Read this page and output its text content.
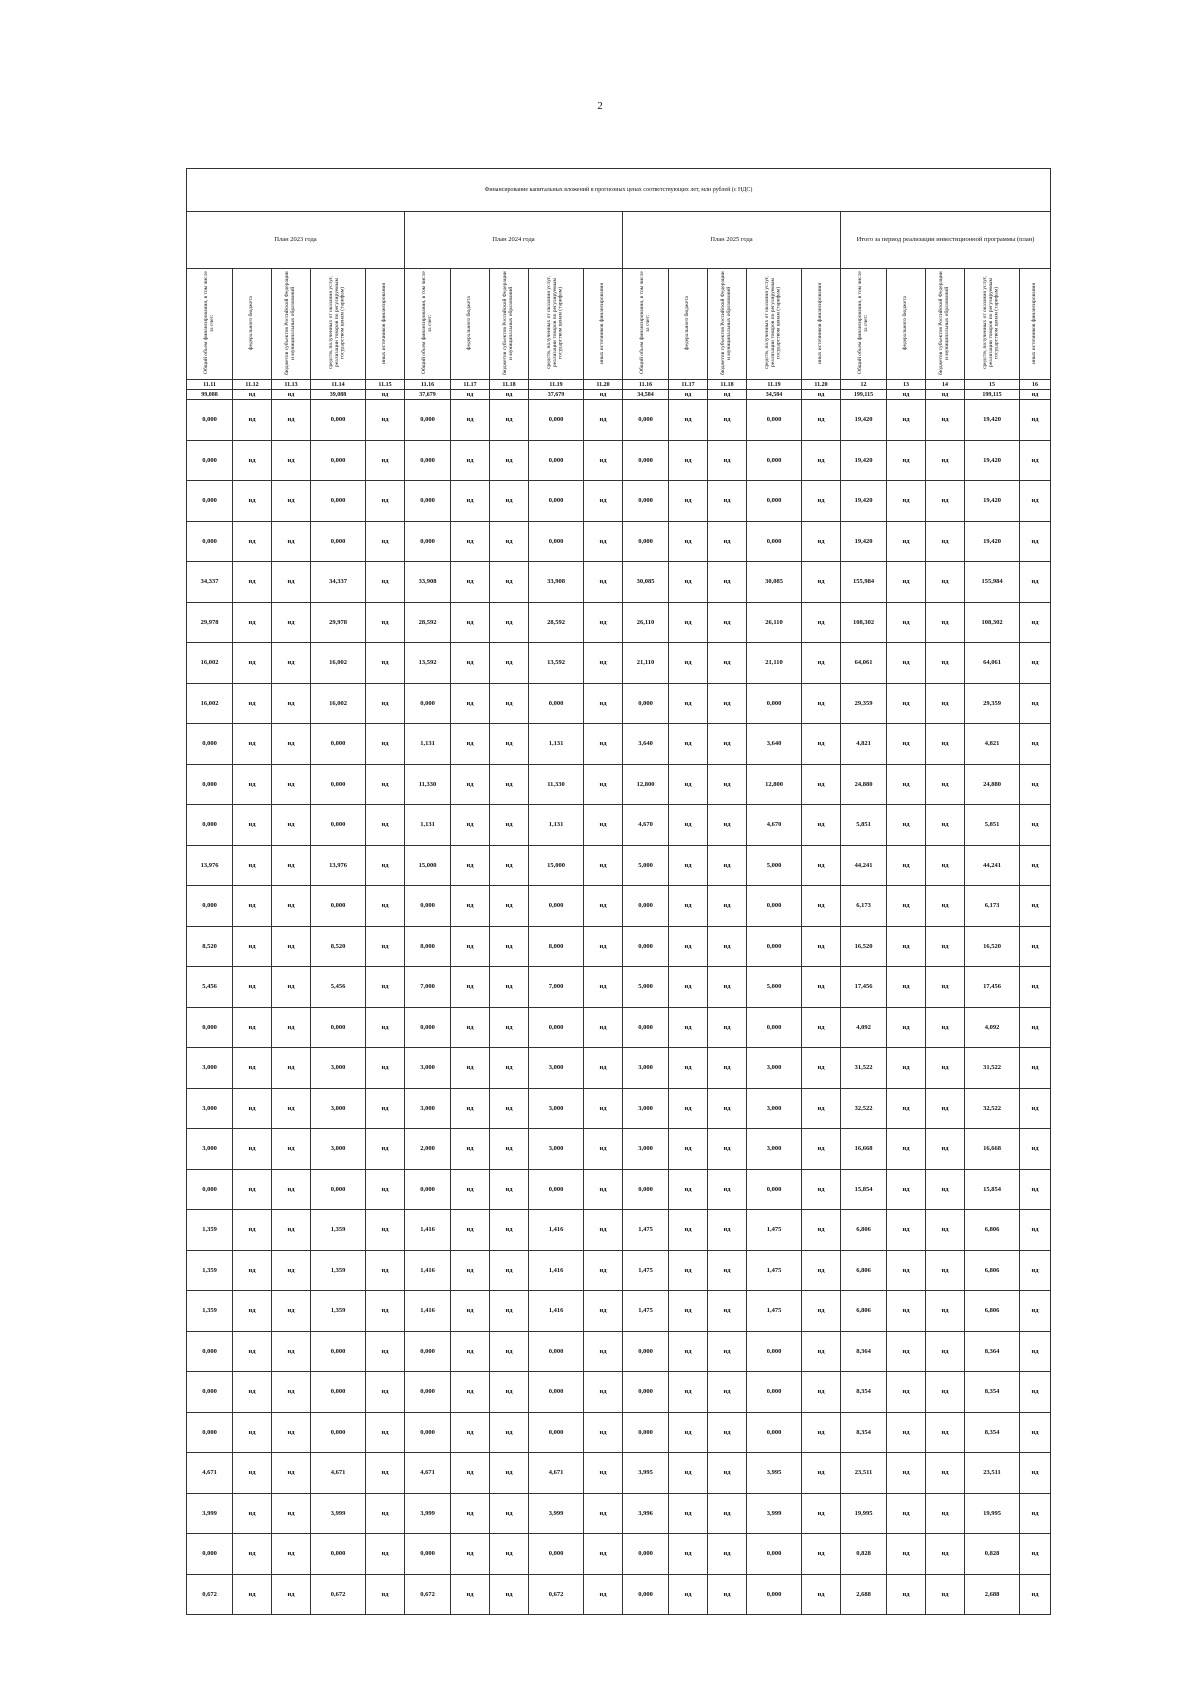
2
Финансирование капитальных вложений в прогнозных ценах соответствующих лет, млн рублей (с НДС)																			
План 2023 года					План 2024 года					План 2025 года					Итого за период реализации инвестиционной программы (план)				
Общий объем финансирования, в том числе за счет:	федерального бюджета	бюджетов субъектов Российской Федерации и муниципальных образований	средств, полученных от оказания услуг, реализации товаров по регулируемым государством ценам (тарифам)	иных источников финансирования	Общий объем финансирования, в том числе за счет:	федерального бюджета	бюджетов субъектов Российской Федерации и муниципальных образований	средств, полученных от оказания услуг, реализации товаров по регулируемым государством ценам (тарифам)	иных источников финансирования	Общий объем финансирования, в том числе за счет:	федерального бюджета	бюджетов субъектов Российской Федерации и муниципальных образований	средств, полученных от оказания услуг, реализации товаров по регулируемым государством ценам (тарифам)	иных источников финансирования	Общий объем финансирования, в том числе за счет:	федерального бюджета	бюджетов субъектов Российской Федерации и муниципальных образований	средств, полученных от оказания услуг, реализации товаров по регулируемым государством ценам (тарифам)	иных источников финансирования
11.11	11.12	11.13	11.14	11.15	11.16	11.17	11.18	11.19	11.20	11.16	11.17	11.18	11.19	11.20	12	13	14	15	16
99,088	нд	нд	39,088	нд	37,679	нд	нд	37,679	нд	34,584	нд	нд	34,584	нд	199,115	нд	нд	199,115	нд
0,000	нд	нд	0,000	нд	0,000	нд	нд	0,000	нд	0,000	нд	нд	0,000	нд	19,420	нд	нд	19,420	нд
0,000	нд	нд	0,000	нд	0,000	нд	нд	0,000	нд	0,000	нд	нд	0,000	нд	19,420	нд	нд	19,420	нд
0,000	нд	нд	0,000	нд	0,000	нд	нд	0,000	нд	0,000	нд	нд	0,000	нд	19,420	нд	нд	19,420	нд
0,000	нд	нд	0,000	нд	0,000	нд	нд	0,000	нд	0,000	нд	нд	0,000	нд	19,420	нд	нд	19,420	нд
34,337	нд	нд	34,337	нд	33,908	нд	нд	33,908	нд	30,085	нд	нд	30,085	нд	155,984	нд	нд	155,984	нд
29,978	нд	нд	29,978	нд	28,592	нд	нд	28,592	нд	26,110	нд	нд	26,110	нд	108,302	нд	нд	108,302	нд
16,002	нд	нд	16,002	нд	13,592	нд	нд	13,592	нд	21,110	нд	нд	21,110	нд	64,061	нд	нд	64,061	нд
16,002	нд	нд	16,002	нд	0,000	нд	нд	0,000	нд	0,000	нд	нд	0,000	нд	29,359	нд	нд	29,359	нд
0,000	нд	нд	0,000	нд	1,131	нд	нд	1,131	нд	3,640	нд	нд	3,640	нд	4,821	нд	нд	4,821	нд
0,000	нд	нд	0,000	нд	11,330	нд	нд	11,330	нд	12,800	нд	нд	12,800	нд	24,880	нд	нд	24,880	нд
0,000	нд	нд	0,000	нд	1,131	нд	нд	1,131	нд	4,670	нд	нд	4,670	нд	5,851	нд	нд	5,851	нд
13,976	нд	нд	13,976	нд	15,000	нд	нд	15,000	нд	5,000	нд	нд	5,000	нд	44,241	нд	нд	44,241	нд
0,000	нд	нд	0,000	нд	0,000	нд	нд	0,000	нд	0,000	нд	нд	0,000	нд	6,173	нд	нд	6,173	нд
8,520	нд	нд	8,520	нд	8,000	нд	нд	8,000	нд	0,000	нд	нд	0,000	нд	16,520	нд	нд	16,520	нд
5,456	нд	нд	5,456	нд	7,000	нд	нд	7,000	нд	5,000	нд	нд	5,000	нд	17,456	нд	нд	17,456	нд
0,000	нд	нд	0,000	нд	0,000	нд	нд	0,000	нд	0,000	нд	нд	0,000	нд	4,092	нд	нд	4,092	нд
3,000	нд	нд	3,000	нд	3,000	нд	нд	3,000	нд	3,000	нд	нд	3,000	нд	31,522	нд	нд	31,522	нд
3,000	нд	нд	3,000	нд	3,000	нд	нд	3,000	нд	3,000	нд	нд	3,000	нд	32,522	нд	нд	32,522	нд
3,000	нд	нд	3,000	нд	2,000	нд	нд	3,000	нд	3,000	нд	нд	3,000	нд	16,668	нд	нд	16,668	нд
0,000	нд	нд	0,000	нд	0,000	нд	нд	0,000	нд	0,000	нд	нд	0,000	нд	15,854	нд	нд	15,854	нд
1,359	нд	нд	1,359	нд	1,416	нд	нд	1,416	нд	1,475	нд	нд	1,475	нд	6,806	нд	нд	6,806	нд
1,359	нд	нд	1,359	нд	1,416	нд	нд	1,416	нд	1,475	нд	нд	1,475	нд	6,806	нд	нд	6,806	нд
1,359	нд	нд	1,359	нд	1,416	нд	нд	1,416	нд	1,475	нд	нд	1,475	нд	6,806	нд	нд	6,806	нд
0,000	нд	нд	0,000	нд	0,000	нд	нд	0,000	нд	0,000	нд	нд	0,000	нд	8,364	нд	нд	8,364	нд
0,000	нд	нд	0,000	нд	0,000	нд	нд	0,000	нд	0,000	нд	нд	0,000	нд	8,354	нд	нд	8,354	нд
0,000	нд	нд	0,000	нд	0,000	нд	нд	0,000	нд	0,000	нд	нд	0,000	нд	8,354	нд	нд	8,354	нд
4,671	нд	нд	4,671	нд	4,671	нд	нд	4,671	нд	3,995	нд	нд	3,995	нд	23,511	нд	нд	23,511	нд
3,999	нд	нд	3,999	нд	3,999	нд	нд	3,999	нд	3,996	нд	нд	3,999	нд	19,995	нд	нд	19,995	нд
0,000	нд	нд	0,000	нд	0,000	нд	нд	0,000	нд	0,000	нд	нд	0,000	нд	0,828	нд	нд	0,828	нд
0,672	нд	нд	0,672	нд	0,672	нд	нд	0,672	нд	0,000	нд	нд	0,000	нд	2,688	нд	нд	2,688	нд
